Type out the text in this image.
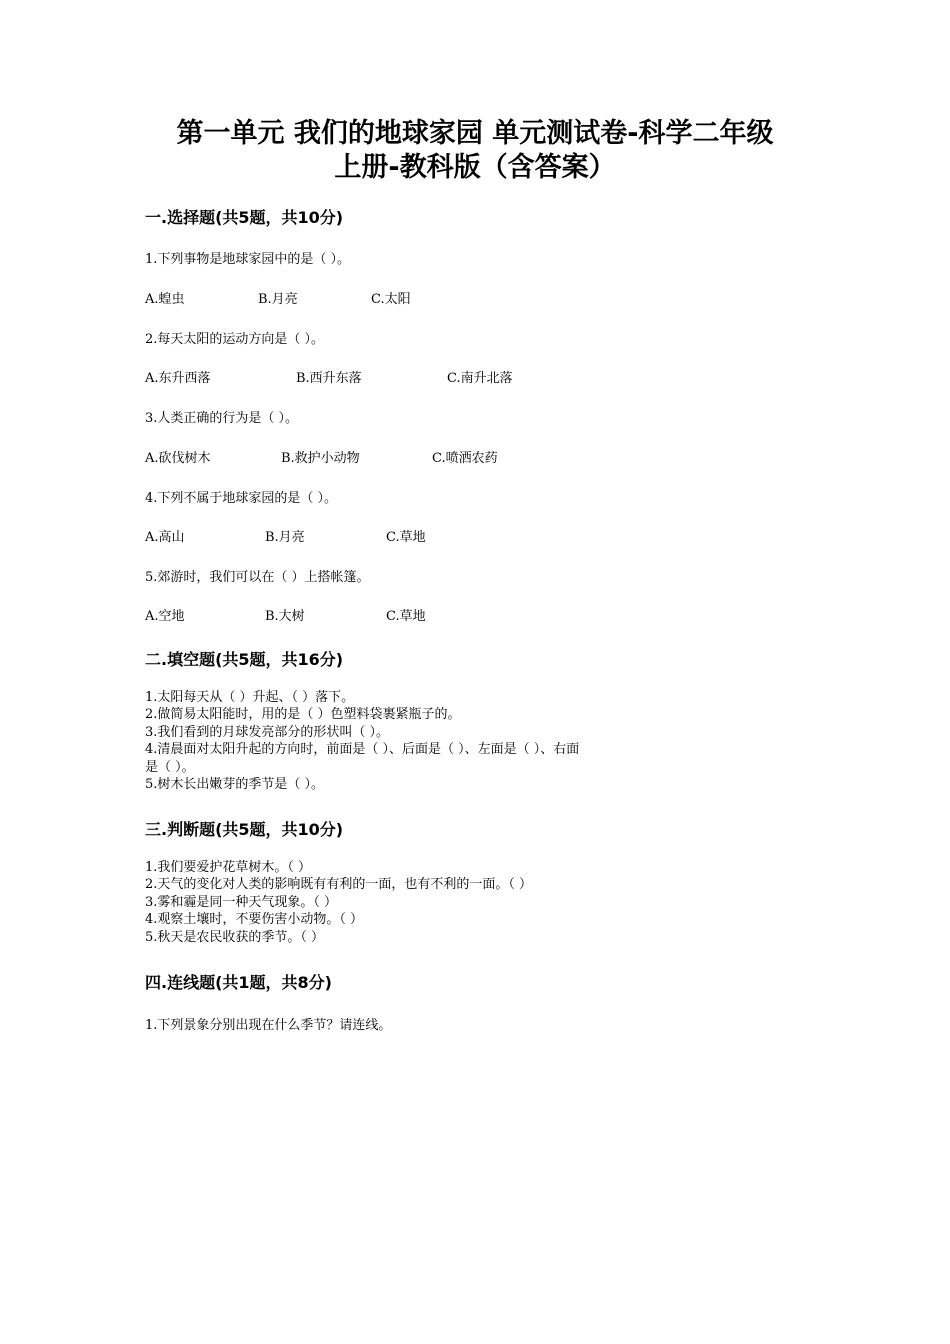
第一单元 我们的地球家园 单元测试卷-科学二年级
上册-教科版（含答案）
一.选择题(共5题，共10分)
1.下列事物是地球家园中的是（ ）。
A.蝗虫	B.月亮	C.太阳
2.每天太阳的运动方向是（ ）。
A.东升西落	B.西升东落	C.南升北落
3.人类正确的行为是（ ）。
A.砍伐树木	B.救护小动物	C.喷洒农药
4.下列不属于地球家园的是（ ）。
A.高山	B.月亮	C.草地
5.郊游时，我们可以在（ ）上搭帐篷。
A.空地	B.大树	C.草地
二.填空题(共5题，共16分)
1.太阳每天从（ ）升起、（ ）落下。
2.做简易太阳能时，用的是（ ）色塑料袋裹紧瓶子的。
3.我们看到的月球发亮部分的形状叫（ ）。
4.清晨面对太阳升起的方向时，前面是（ ）、后面是（ ）、左面是（ ）、右面
是（ ）。
5.树木长出嫩芽的季节是（ ）。
三.判断题(共5题，共10分)
1.我们要爱护花草树木。（ ）
2.天气的变化对人类的影响既有有利的一面，也有不利的一面。（ ）
3.雾和霾是同一种天气现象。（ ）
4.观察土壤时，不要伤害小动物。（ ）
5.秋天是农民收获的季节。（ ）
四.连线题(共1题，共8分)
1.下列景象分别出现在什么季节？请连线。
